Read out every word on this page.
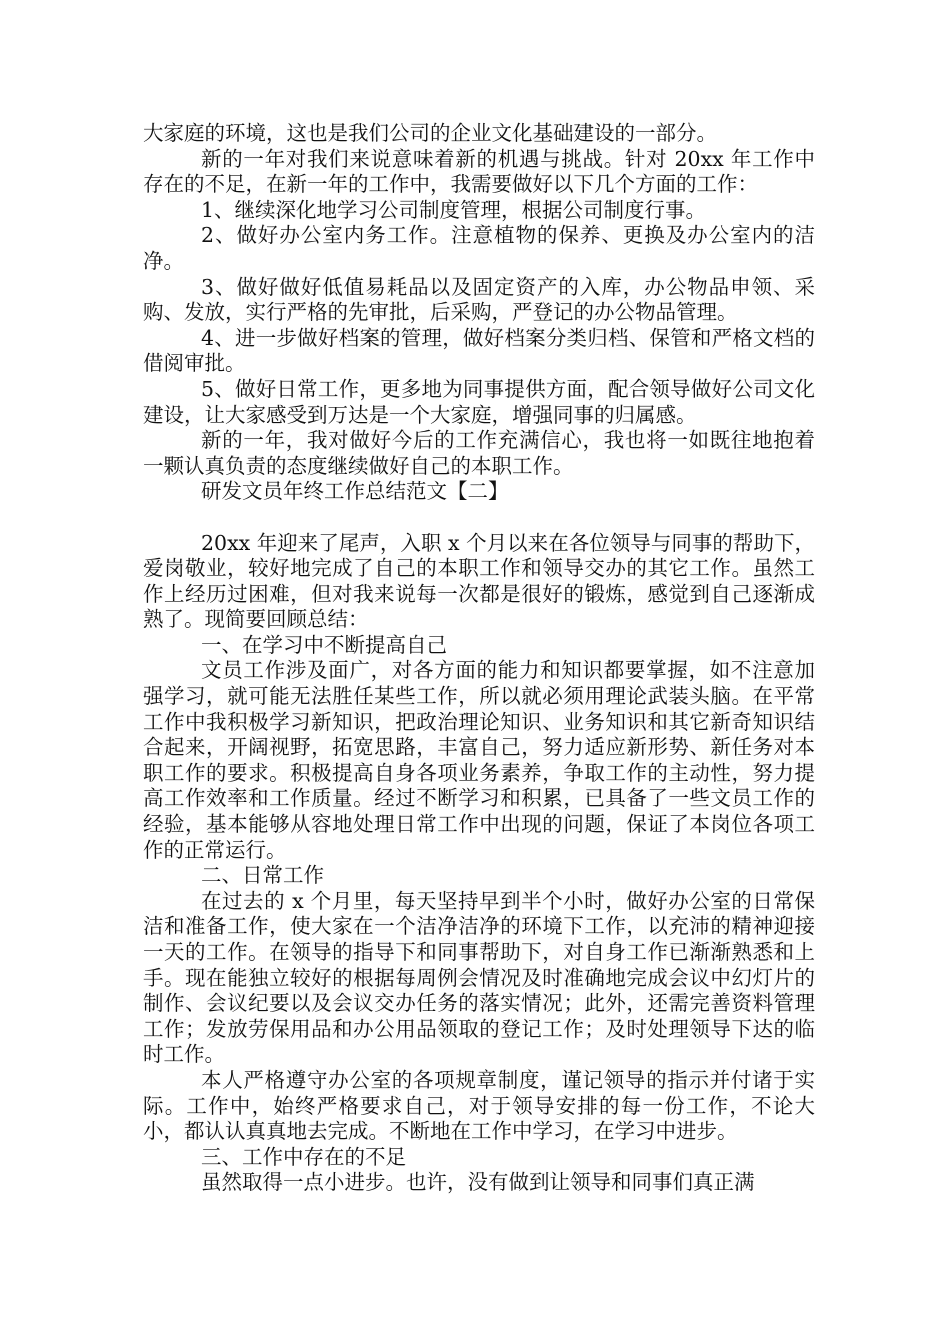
大家庭的环境，这也是我们公司的企业文化基础建设的一部分。

新的一年对我们来说意味着新的机遇与挑战。针对 20xx 年工作中存在的不足，在新一年的工作中，我需要做好以下几个方面的工作：

1、继续深化地学习公司制度管理，根据公司制度行事。

2、做好办公室内务工作。注意植物的保养、更换及办公室内的洁净。

3、做好做好低值易耗品以及固定资产的入库，办公物品申领、采购、发放，实行严格的先审批，后采购，严登记的办公物品管理。

4、进一步做好档案的管理，做好档案分类归档、保管和严格文档的借阅审批。

5、做好日常工作，更多地为同事提供方面，配合领导做好公司文化建设，让大家感受到万达是一个大家庭，增强同事的归属感。

新的一年，我对做好今后的工作充满信心，我也将一如既往地抱着一颗认真负责的态度继续做好自己的本职工作。

研发文员年终工作总结范文【二】

20xx 年迎来了尾声，入职 x 个月以来在各位领导与同事的帮助下，爱岗敬业，较好地完成了自己的本职工作和领导交办的其它工作。虽然工作上经历过困难，但对我来说每一次都是很好的锻炼，感觉到自己逐渐成熟了。现简要回顾总结：

一、在学习中不断提高自己

文员工作涉及面广，对各方面的能力和知识都要掌握，如不注意加强学习，就可能无法胜任某些工作，所以就必须用理论武装头脑。在平常工作中我积极学习新知识，把政治理论知识、业务知识和其它新奇知识结合起来，开阔视野，拓宽思路，丰富自己，努力适应新形势、新任务对本职工作的要求。积极提高自身各项业务素养，争取工作的主动性，努力提高工作效率和工作质量。经过不断学习和积累，已具备了一些文员工作的经验，基本能够从容地处理日常工作中出现的问题，保证了本岗位各项工作的正常运行。

二、日常工作

在过去的 x 个月里，每天坚持早到半个小时，做好办公室的日常保洁和准备工作，使大家在一个洁净洁净的环境下工作，以充沛的精神迎接一天的工作。在领导的指导下和同事帮助下，对自身工作已渐渐熟悉和上手。现在能独立较好的根据每周例会情况及时准确地完成会议中幻灯片的制作、会议纪要以及会议交办任务的落实情况；此外，还需完善资料管理工作；发放劳保用品和办公用品领取的登记工作；及时处理领导下达的临时工作。

本人严格遵守办公室的各项规章制度，谨记领导的指示并付诸于实际。工作中，始终严格要求自己，对于领导安排的每一份工作，不论大小，都认认真真地去完成。不断地在工作中学习，在学习中进步。

三、工作中存在的不足

虽然取得一点小进步。也许，没有做到让领导和同事们真正满
